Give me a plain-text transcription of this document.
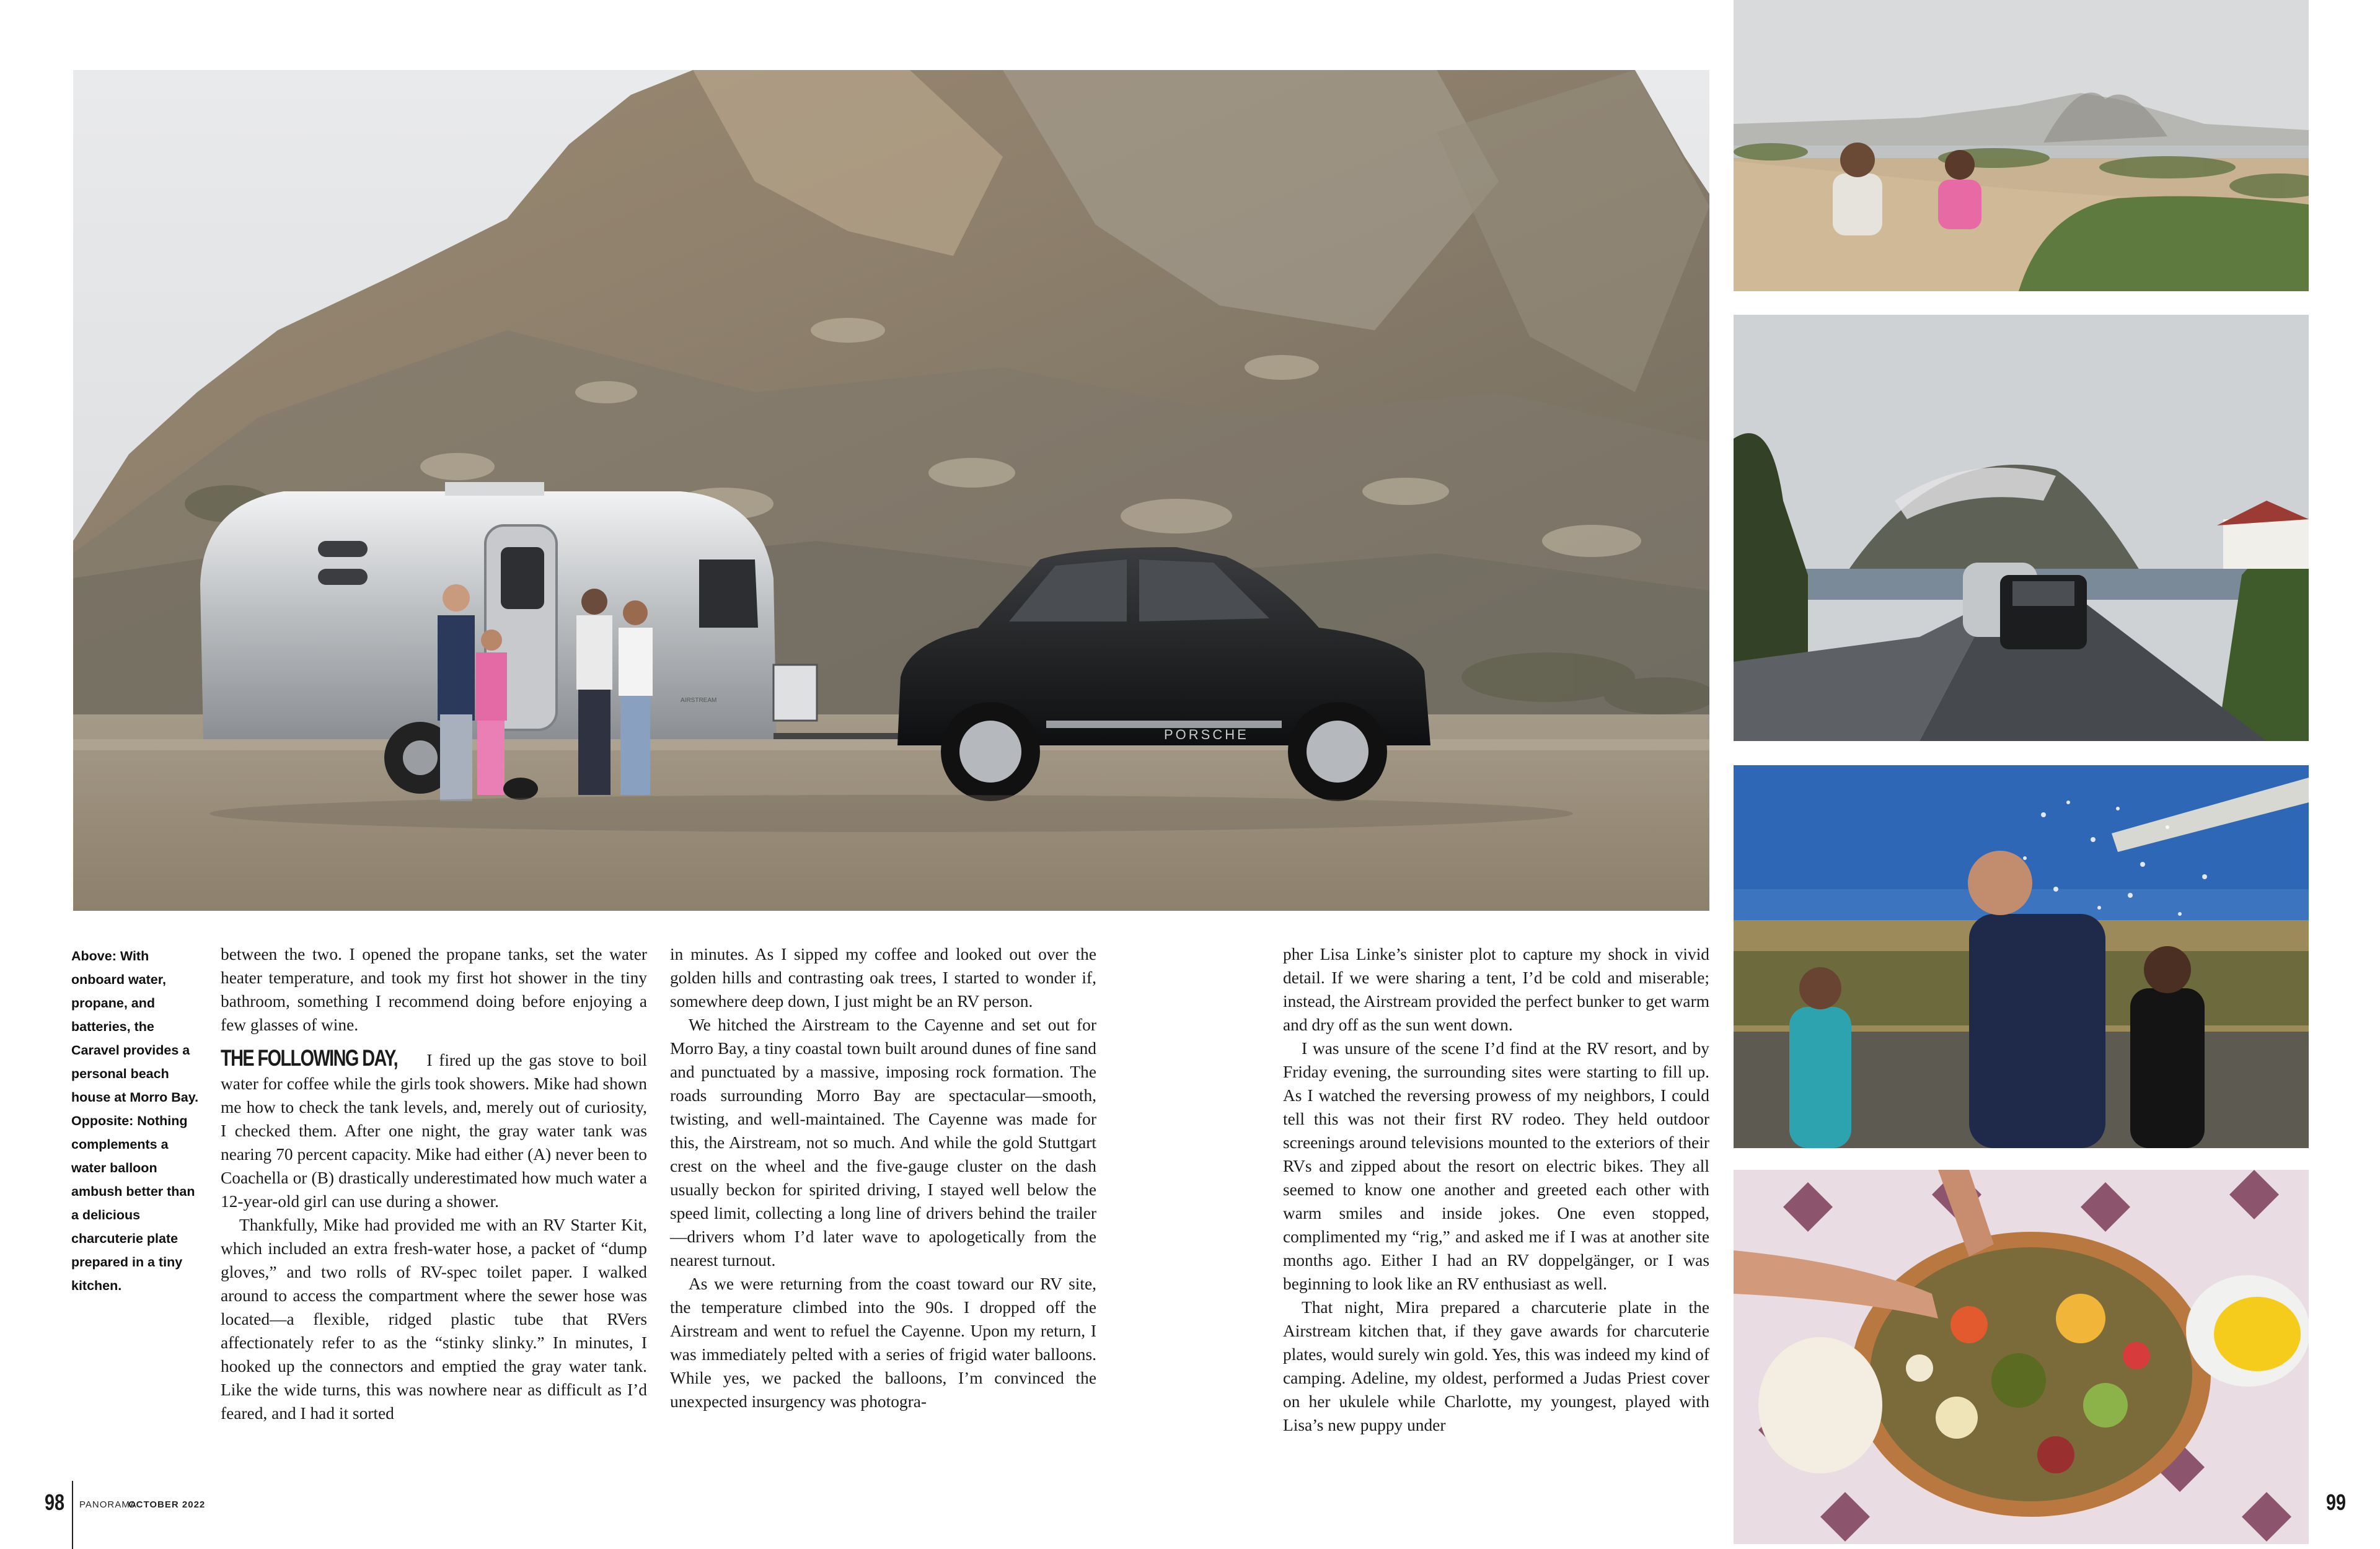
AIRSTREAM
PORSCHE
Above: With onboard water, propane, and batteries, the Caravel provides a personal beach house at Morro Bay. Opposite: Nothing complements a water balloon ambush better than a delicious charcuterie plate prepared in a tiny kitchen.

between the two. I opened the propane tanks, set the water heater temperature, and took my first hot shower in the tiny bathroom, something I recommend doing before enjoying a few glasses of wine.

THE FOLLOWING DAY, I fired up the gas stove to boil water for coffee while the girls took showers. Mike had shown me how to check the tank levels, and, merely out of curiosity, I checked them. After one night, the gray water tank was nearing 70 percent capacity. Mike had either (A) never been to Coachella or (B) drastically underestimated how much water a 12-year-old girl can use during a shower.

Thankfully, Mike had provided me with an RV Starter Kit, which included an extra fresh-water hose, a packet of “dump gloves,” and two rolls of RV-spec toilet paper. I walked around to access the compartment where the sewer hose was located—a flexible, ridged plastic tube that RVers affectionately refer to as the “stinky slinky.” In minutes, I hooked up the connectors and emptied the gray water tank. Like the wide turns, this was nowhere near as difficult as I’d feared, and I had it sorted

in minutes. As I sipped my coffee and looked out over the golden hills and contrasting oak trees, I started to wonder if, somewhere deep down, I just might be an RV person.

We hitched the Airstream to the Cayenne and set out for Morro Bay, a tiny coastal town built around dunes of fine sand and punctuated by a massive, imposing rock formation. The roads surrounding Morro Bay are spectacular—smooth, twisting, and well-maintained. The Cayenne was made for this, the Airstream, not so much. And while the gold Stuttgart crest on the wheel and the five-gauge cluster on the dash usually beckon for spirited driving, I stayed well below the speed limit, collecting a long line of drivers behind the trailer—drivers whom I’d later wave to apologetically from the nearest turnout.

As we were returning from the coast toward our RV site, the temperature climbed into the 90s. I dropped off the Airstream and went to refuel the Cayenne. Upon my return, I was immediately pelted with a series of frigid water balloons. While yes, we packed the balloons, I’m convinced the unexpected insurgency was photogra-

pher Lisa Linke’s sinister plot to capture my shock in vivid detail. If we were sharing a tent, I’d be cold and miserable; instead, the Airstream provided the perfect bunker to get warm and dry off as the sun went down.

I was unsure of the scene I’d find at the RV resort, and by Friday evening, the surrounding sites were starting to fill up. As I watched the reversing prowess of my neighbors, I could tell this was not their first RV rodeo. They held outdoor screenings around televisions mounted to the exteriors of their RVs and zipped about the resort on electric bikes. They all seemed to know one another and greeted each other with warm smiles and inside jokes. One even stopped, complimented my “rig,” and asked me if I was at another site months ago. Either I had an RV doppelgänger, or I was beginning to look like an RV enthusiast as well.

That night, Mira prepared a charcuterie plate in the Airstream kitchen that, if they gave awards for charcuterie plates, would surely win gold. Yes, this was indeed my kind of camping. Adeline, my oldest, performed a Judas Priest cover on her ukulele while Charlotte, my youngest, played with Lisa’s new puppy under

98 PANORAMA
OCTOBER 2022	99
